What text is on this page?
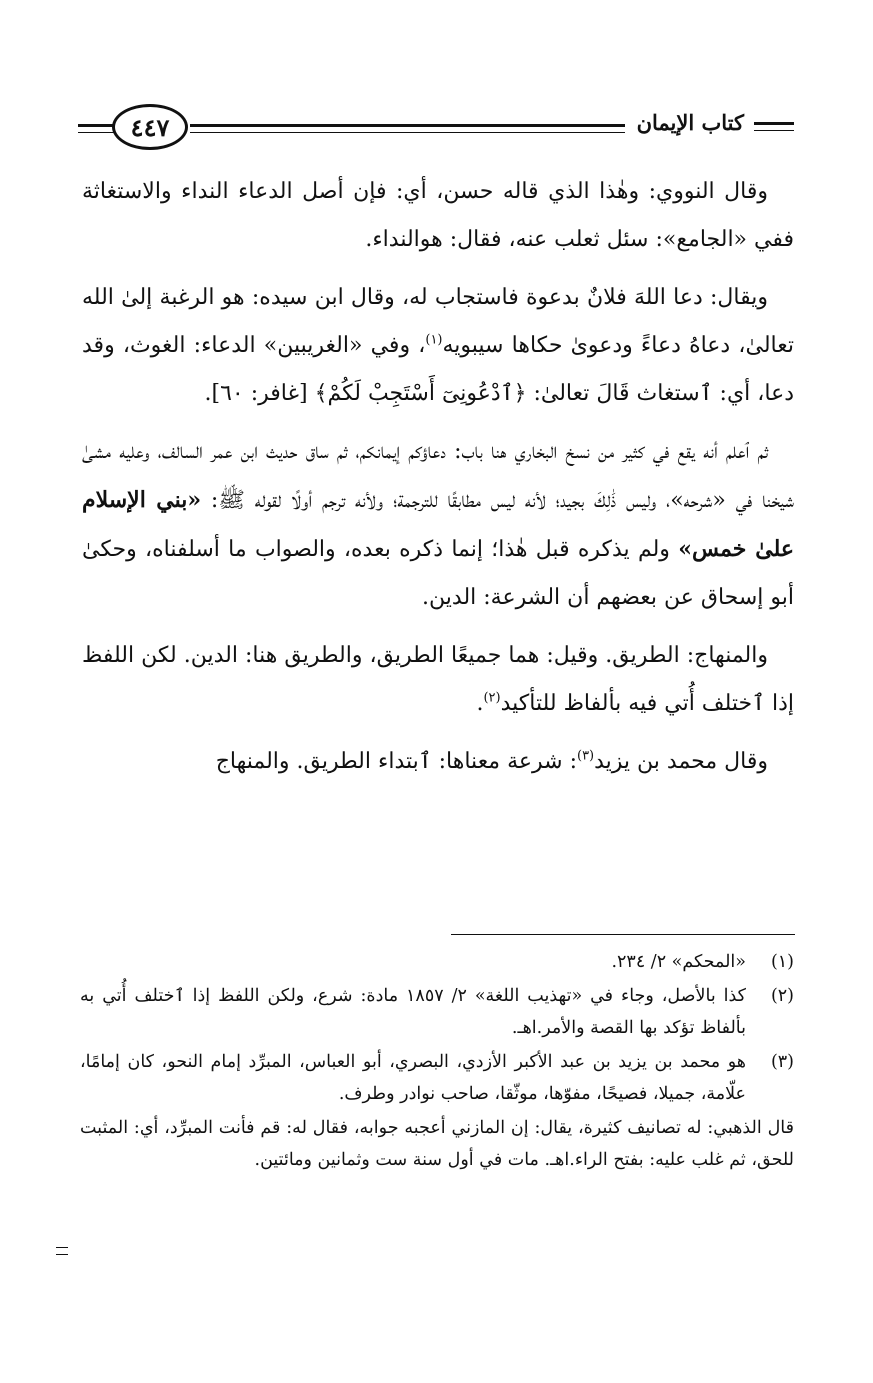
٤٤٧	كتاب الإيمان

وقال النووي: وهٰذا الذي قاله حسن، أي: فإن أصل الدعاء النداء والاستغاثة ففي «الجامع»: سئل ثعلب عنه، فقال: هوالنداء.

ويقال: دعا اللهَ فلانٌ بدعوة فاستجاب له، وقال ابن سيده: هو الرغبة إلىٰ الله تعالىٰ، دعاهُ دعاءً ودعوىٰ حكاها سيبويه$^{(١)}$، وفي «الغريبين» الدعاء: الغوث، وقد دعا، أي: ٱستغاث قَالَ تعالىٰ: ﴿ٱدْعُونِىٓ أَسْتَجِبْ لَكُمْ﴾ [غافر: ٦٠].

ثم ٱعلم أنه يقع في كثير من نسخ البخاري هنا باب: دعاؤكم إيمانكم، ثم ساق حديث ابن عمر السالف، وعليه مشىٰ شيخنا في «شرحه»، وليس ذَٰلِكَ بجيد؛ لأنه ليس مطابقًا للترجمة؛ ولأنه ترجم أولًا لقوله ﷺ: «بني الإسلام علىٰ خمس» ولم يذكره قبل هٰذا؛ إنما ذكره بعده، والصواب ما أسلفناه، وحكىٰ أبو إسحاق عن بعضهم أن الشرعة: الدين.

والمنهاج: الطريق. وقيل: هما جميعًا الطريق، والطريق هنا: الدين. لكن اللفظ إذا ٱختلف أُتي فيه بألفاظ للتأكيد$^{(٢)}$.

وقال محمد بن يزيد$^{(٣)}$: شرعة معناها: ٱبتداء الطريق. والمنهاج

(١)
«المحكم» ٢/ ٢٣٤.
(٢)
كذا بالأصل، وجاء في «تهذيب اللغة» ٢/ ١٨٥٧ مادة: شرع، ولكن اللفظ إذا ٱختلف أُتي به بألفاظ تؤكد بها القصة والأمر.اهـ.
(٣)
هو محمد بن يزيد بن عبد الأكبر الأزدي، البصري، أبو العباس، المبرِّد إمام النحو، كان إمامًا، علّامة، جميلا، فصيحًا، مفوّها، موثّقا، صاحب نوادر وطرف.
قال الذهبي: له تصانيف كثيرة، يقال: إن المازني أعجبه جوابه، فقال له: قم فأنت المبرِّد، أي: المثبت للحق، ثم غلب عليه: بفتح الراء.اهـ. مات في أول سنة ست وثمانين ومائتين.
